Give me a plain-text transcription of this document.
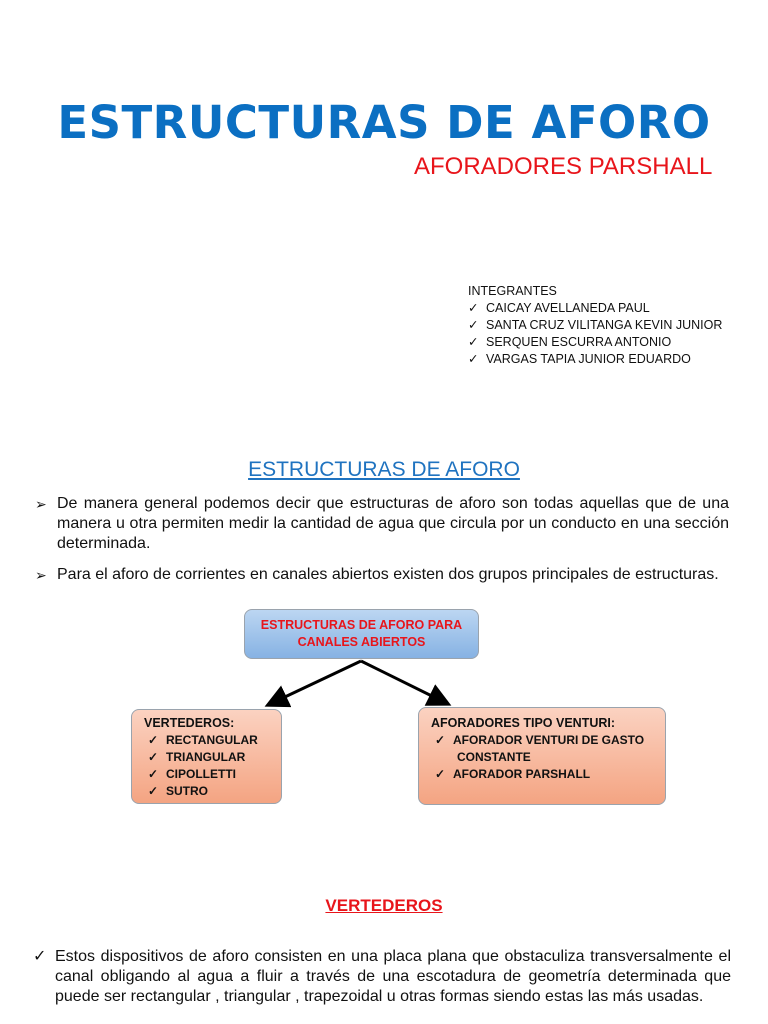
ESTRUCTURAS DE AFORO
AFORADORES PARSHALL
INTEGRANTES
✓ CAICAY AVELLANEDA PAUL
✓ SANTA CRUZ VILITANGA KEVIN JUNIOR
✓ SERQUEN ESCURRA ANTONIO
✓ VARGAS TAPIA JUNIOR EDUARDO
ESTRUCTURAS DE AFORO
➢ De manera general podemos decir que estructuras de aforo son todas aquellas que de una manera u otra permiten medir la cantidad de agua que circula por un conducto en una sección determinada.
➢ Para el aforo de corrientes en canales abiertos existen dos grupos principales de estructuras.
ESTRUCTURAS DE AFORO PARA
CANALES ABIERTOS
VERTEDEROS:
✓ RECTANGULAR
✓ TRIANGULAR
✓ CIPOLLETTI
✓ SUTRO
AFORADORES TIPO VENTURI:
✓ AFORADOR VENTURI DE GASTO
CONSTANTE
✓ AFORADOR PARSHALL
VERTEDEROS
✓ Estos dispositivos de aforo consisten en una placa plana que obstaculiza transversalmente el canal obligando al agua a fluir a través de una escotadura de geometría determinada que puede ser rectangular , triangular , trapezoidal u otras formas siendo estas las más usadas.
